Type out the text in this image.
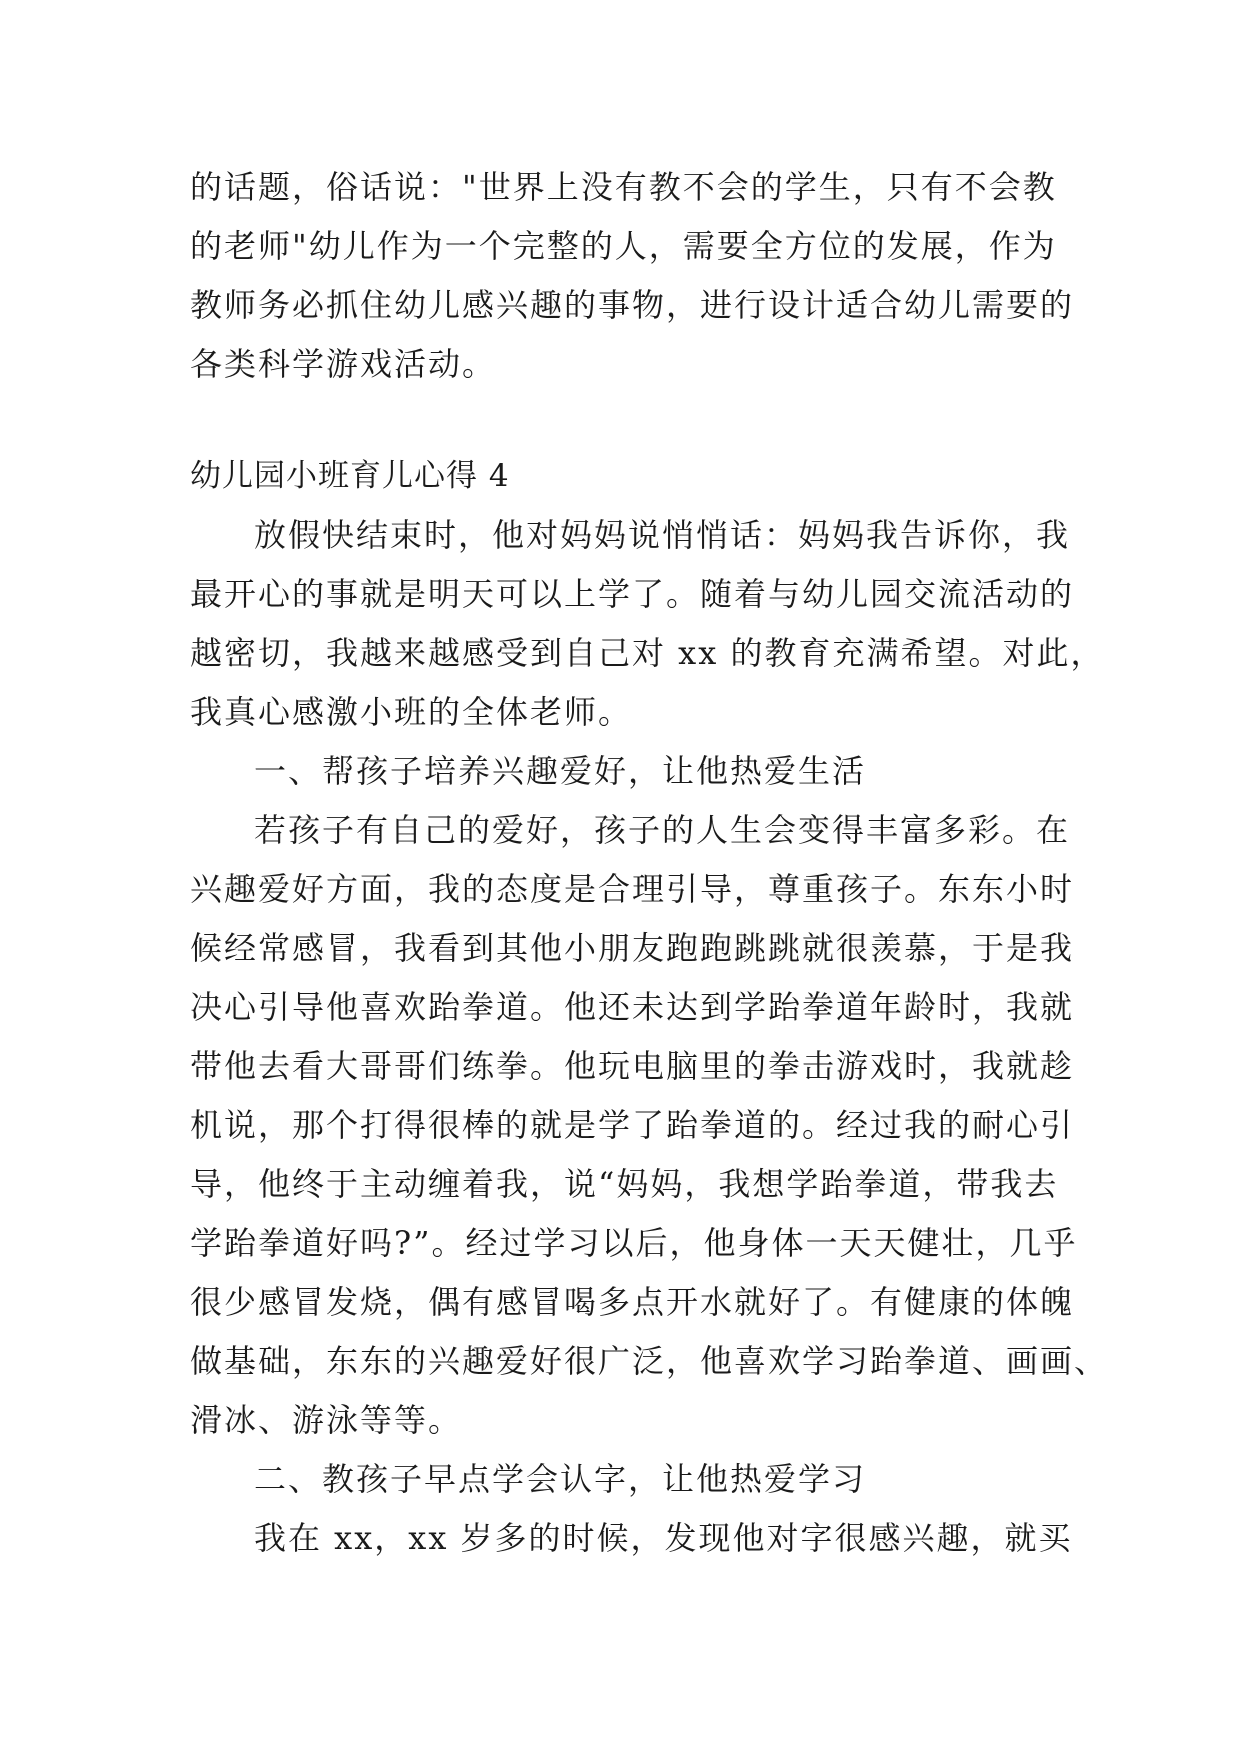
的话题，俗话说："世界上没有教不会的学生，只有不会教
的老师"幼儿作为一个完整的人，需要全方位的发展，作为
教师务必抓住幼儿感兴趣的事物，进行设计适合幼儿需要的
各类科学游戏活动。
幼儿园小班育儿心得 4
放假快结束时，他对妈妈说悄悄话：妈妈我告诉你，我
最开心的事就是明天可以上学了。随着与幼儿园交流活动的
越密切，我越来越感受到自己对 xx 的教育充满希望。对此，
我真心感激小班的全体老师。
一、帮孩子培养兴趣爱好，让他热爱生活
若孩子有自己的爱好，孩子的人生会变得丰富多彩。在
兴趣爱好方面，我的态度是合理引导，尊重孩子。东东小时
候经常感冒，我看到其他小朋友跑跑跳跳就很羡慕，于是我
决心引导他喜欢跆拳道。他还未达到学跆拳道年龄时，我就
带他去看大哥哥们练拳。他玩电脑里的拳击游戏时，我就趁
机说，那个打得很棒的就是学了跆拳道的。经过我的耐心引
导，他终于主动缠着我，说“妈妈，我想学跆拳道，带我去
学跆拳道好吗?”。经过学习以后，他身体一天天健壮，几乎
很少感冒发烧，偶有感冒喝多点开水就好了。有健康的体魄
做基础，东东的兴趣爱好很广泛，他喜欢学习跆拳道、画画、
滑冰、游泳等等。
二、教孩子早点学会认字，让他热爱学习
我在 xx，xx 岁多的时候，发现他对字很感兴趣，就买
